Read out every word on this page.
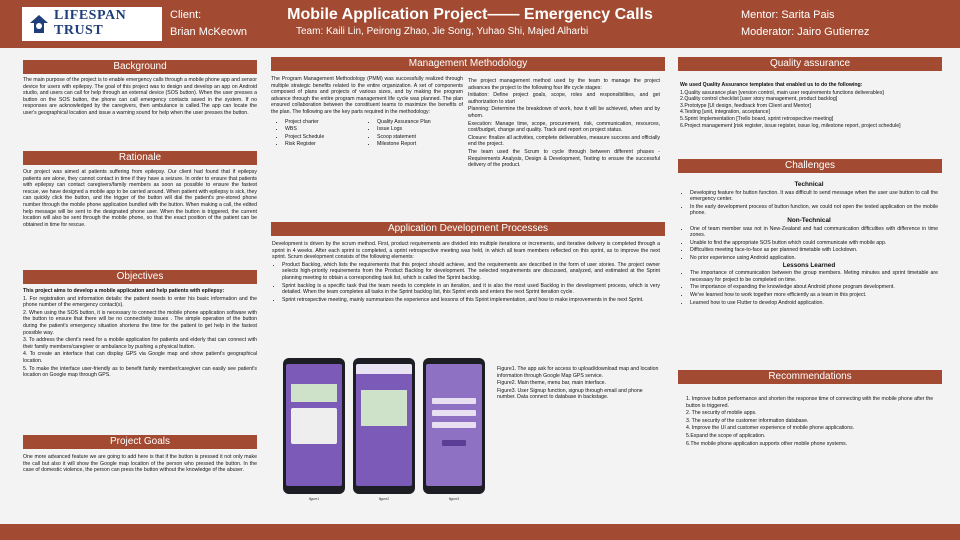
LIFESPAN TRUST
Client:
Brian McKeown
Mobile Application Project—— Emergency Calls
Team: Kaili Lin, Peirong Zhao, Jie Song, Yuhao Shi, Majed Alharbi
Mentor: Sarita Pais
Moderator: Jairo Gutierrez
Background
The main purpose of the project is to enable emergency calls through a mobile phone app and sensor device for users with epilepsy. The goal of this project was to design and develop an app on Android studio, and users can call for help through an external device (SOS button). When the user presses a button on the SOS button, the phone can call emergency contacts saved in the system. If no responses are acknowledged by the caregivers, then ambulance is called.The app can locate the user's geographical location and issue a warning sound for help when the user presses the button.
Rationale
Our project was aimed at patients suffering from epilepsy. Our client had found that if epilepsy patients are alone, they cannot contact in time if they have a seizure. In order to ensure that patients with epilepsy can contact caregivers/family members as soon as possible to ensure the fastest rescue, we have designed a mobile app to be carried around. When patient with epilepsy is sick, they can quickly click the button, and the trigger of the button will dial the patient's pre-stored phone number through the mobile phone application bundled with the button. When making a call, the edited help message will be sent to the designated phone user. When the button is triggered, the current location will also be sent through the mobile phone, so that the exact position of the patient can be obtained in time for rescue.
Objectives

This project aims to develop a mobile application and help patients with epilepsy:

1. For registration and information details: the patient needs to enter his basic information and the phone number of the emergency contact(s).

2. When using the SOS button, it is necessary to connect the mobile phone application software with the button to ensure that there will be no connectivity issues . The simple operation of the button during the patient's emergency situation shortens the time for the patient to get help in the fastest possible way.

3. To address the client's need for a mobile application for patients and elderly that can connect with their family members/caregiver or ambulance by pushing a physical button.

4. To create an interface that can display GPS via Google map and show patient's geographical location.

5. To make the interface user-friendly as to benefit family member/caregiver can easily see patient's location on Google map through GPS.

Project Goals
One more advanced feature we are going to add here is that if the button is pressed it not only make the call but also it will show the Google map location of the person who pressed the button. In the case of domestic violence, the person can press the button without the knowledge of the abuser.
Management Methodology

The Program Management Methodology (PMM) was successfully realized through multiple strategic benefits related to the entire organization. A set of components composed of plans and projects of various sizes, and by making the program advance through the entire program management life cycle was planned. The plan ensured collaboration between the constituent teams to maximize the benefits of the plan. The following are the key parts required in the methodology:

• Project charter
• WBS
• Project Schedule
• Risk Register
• Quality Assurance Plan
• Issue Logs
• Scoop statement
• Milestone Report

The project management method used by the team to manage the project advances the project to the following four life cycle stages:

Initiation: Define project goals, scope, roles and responsibilities, and get authorization to start

Planning: Determine the breakdown of work, how it will be achieved, when and by whom.

Execution: Manage time, scope, procurement, risk, communication, resources, cost/budget, change and quality. Track and report on project status.

Closure: finalize all activities, complete deliverables, measure success and officially end the project.

The team used the Scrum to cycle through between different phases - Requirements Analysis, Design & Development, Testing to ensure the successful delivery of the product.

Application Development Processes

Development is driven by the scrum method. First, product requirements are divided into multiple iterations or increments, and iterative delivery is completed through a sprint in 4 weeks. After each sprint is completed, a sprint retrospective meeting was held, in which all team members reflected on this sprint, as to improve the next sprint. Scrum development consists of the following elements:

• Product Backlog, which lists the requirements that this project should achieve, and the requirements are described in the form of user stories. The project owner selects high-priority requirements from the Product Backlog for development. The selected requirements are discussed, analyzed, and estimated at the Sprint planning meeting to obtain a corresponding task list, which is called the Sprint backlog.
• Sprint backlog is a specific task that the team needs to complete in an iteration, and it is also the most used Backlog in the development process, which is very detailed. When the team completes all tasks in the Sprint backlog list, this Sprint ends and enters the next Sprint iteration cycle.
• Sprint retrospective meeting, mainly summarizes the experience and lessons of this Sprint implementation, and how to make improvements in the next Sprint.
figure1	figure2	figure3

Figure1. The app ask for access to upload/download map and location information through Google Map GPS service.

Figure2. Main theme, menu bar, main interface.

Figure3. User Signup function, signup through email and phone number. Data connect to database in backstage.

Quality assurance

We used Quality Assurance templates that enabled us to do the following:

1.Quality assurance plan [version control, main user requirements functions deliverables]

2.Quality control checklist [user story management, product backlog]

3.Prototype [UI design, feedback from Client and Mentor]

4.Testing [unit, integration, acceptance]

5.Sprint Implementation [Trello board, sprint retrospective meeting]

6.Project management [risk register, issue register, issue log, milestone report, project schedule]

Challenges
Technical
• Developing feature for button function. It was difficult to send message when the user use button to call the emergency center.
• In the early development process of button function, we could not open the tested application on the mobile phone.
Non-Technical
• One of team member was not in New-Zealand and had communication difficulties with difference in time zones.
• Unable to find the appropriate SOS button which could communicate with mobile app.
• Difficulties meeting face-to-face as per planned timetable with Lockdown.
• No prior experience using Android application.
Lessons Learned
• The importance of communication between the group members. Meting minutes and sprint timetable are necessary for project to be completed on time.
• The importance of expanding the knowledge about Android phone program development.
• We've learned how to work together more efficiently as a team in this project.
• Learned how to use Flutter to develop Android application.
Recommendations

1. Improve button performance and shorten the response time of connecting with the mobile phone after the button is triggered.

2. The security of mobile apps.

3. The security of the customer information database.

4. Improve the UI and customer experience of mobile phone applications.

5.Expand the scope of application.

6.The mobile phone application supports other mobile phone systems.
